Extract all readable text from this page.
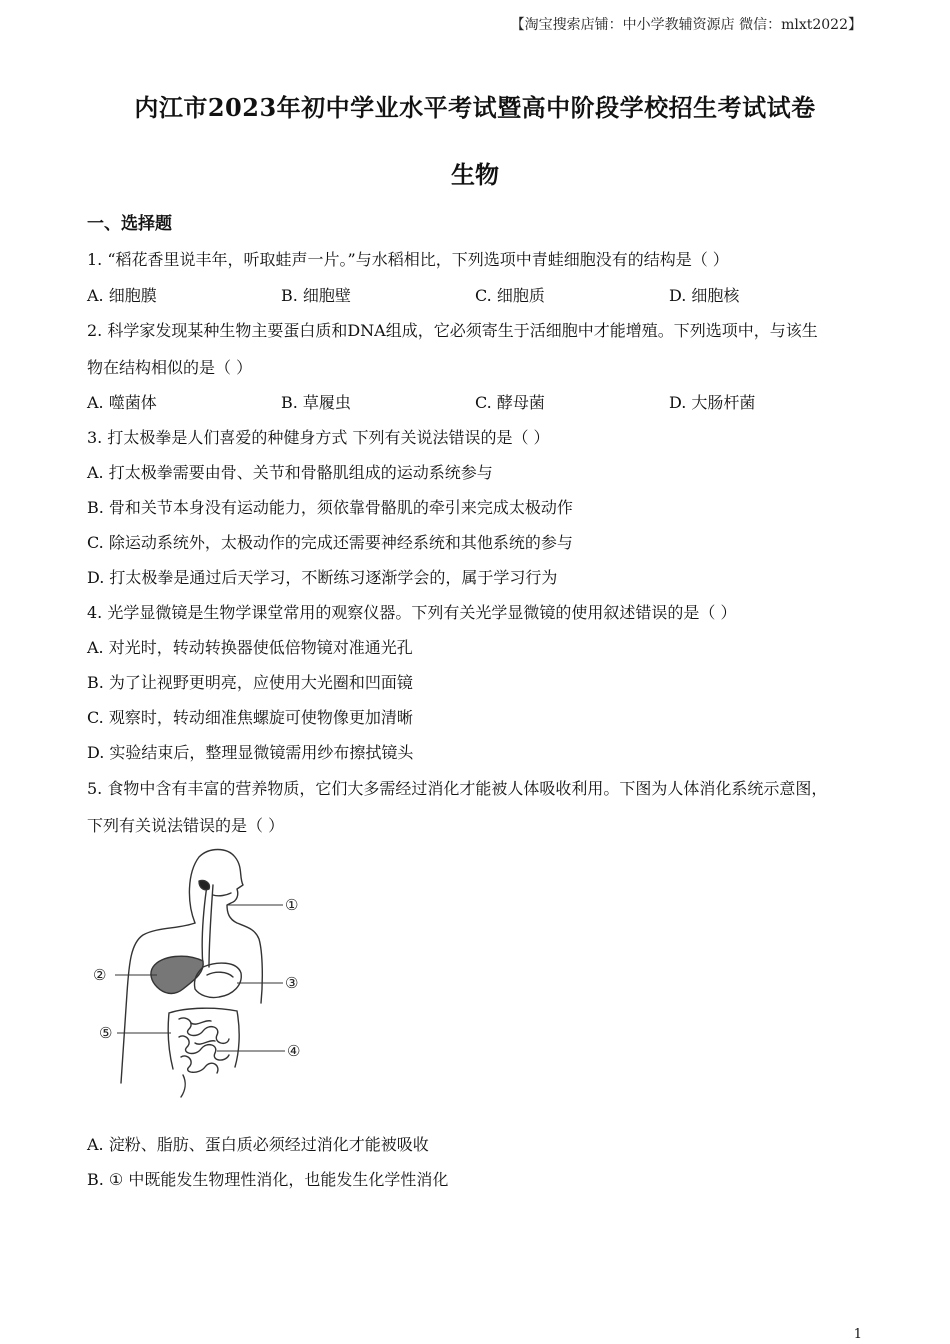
【淘宝搜索店铺：中小学教辅资源店 微信：mlxt2022】
内江市2023年初中学业水平考试暨高中阶段学校招生考试试卷
生物
一、选择题
1. “稻花香里说丰年，听取蛙声一片。”与水稻相比，下列选项中青蛙细胞没有的结构是（ ）
A. 细胞膜	B. 细胞壁	C. 细胞质	D. 细胞核
2. 科学家发现某种生物主要蛋白质和DNA组成，它必须寄生于活细胞中才能增殖。下列选项中，与该生
物在结构相似的是（ ）
A. 噬菌体	B. 草履虫	C. 酵母菌	D. 大肠杆菌
3. 打太极拳是人们喜爱的种健身方式 下列有关说法错误的是（ ）
A. 打太极拳需要由骨、关节和骨骼肌组成的运动系统参与
B. 骨和关节本身没有运动能力，须依靠骨骼肌的牵引来完成太极动作
C. 除运动系统外，太极动作的完成还需要神经系统和其他系统的参与
D. 打太极拳是通过后天学习，不断练习逐渐学会的，属于学习行为
4. 光学显微镜是生物学课堂常用的观察仪器。下列有关光学显微镜的使用叙述错误的是（ ）
A. 对光时，转动转换器使低倍物镜对准通光孔
B. 为了让视野更明亮，应使用大光圈和凹面镜
C. 观察时，转动细准焦螺旋可使物像更加清晰
D. 实验结束后，整理显微镜需用纱布擦拭镜头
5. 食物中含有丰富的营养物质，它们大多需经过消化才能被人体吸收利用。下图为人体消化系统示意图，
下列有关说法错误的是（ ）
①
②	③
⑤
④
A. 淀粉、脂肪、蛋白质必须经过消化才能被吸收
B. ① 中既能发生物理性消化，也能发生化学性消化
1
